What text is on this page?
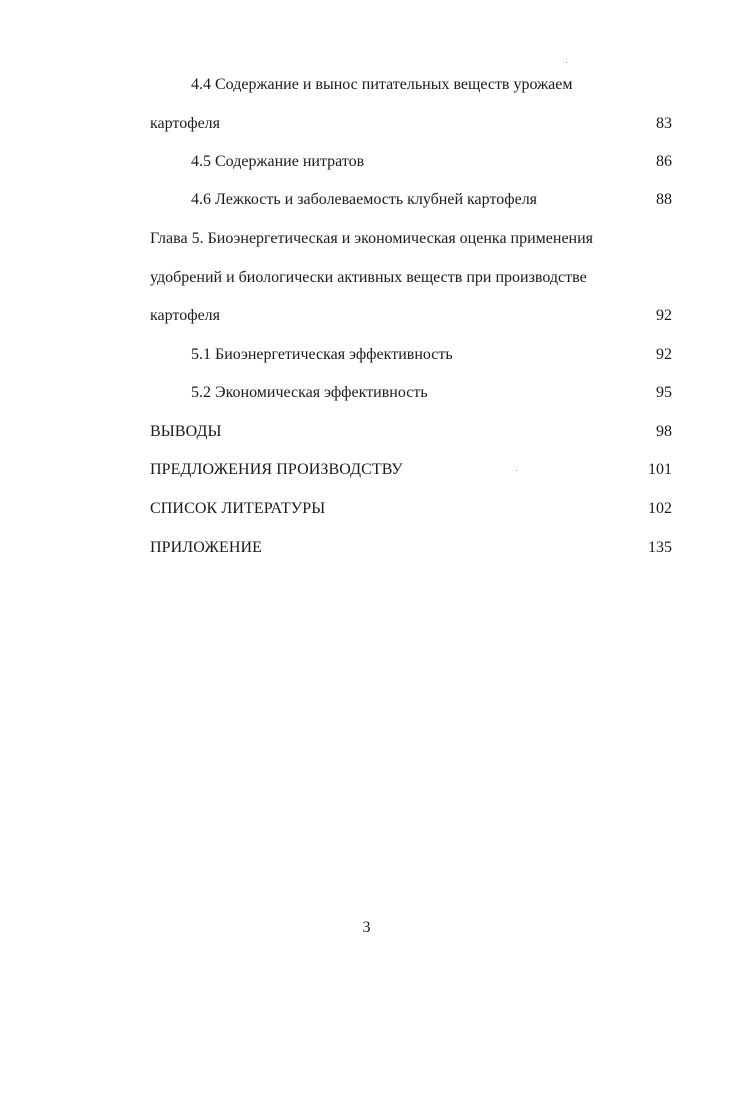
4.4 Содержание и вынос питательных веществ урожаем
картофеля	83
4.5 Содержание нитратов	86
4.6 Лежкость и заболеваемость клубней картофеля	88
Глава 5. Биоэнергетическая и экономическая оценка применения
удобрений и биологически активных веществ при производстве
картофеля	92
5.1 Биоэнергетическая эффективность	92
5.2 Экономическая эффективность	95
ВЫВОДЫ	98
ПРЕДЛОЖЕНИЯ ПРОИЗВОДСТВУ	101
СПИСОК ЛИТЕРАТУРЫ	102
ПРИЛОЖЕНИЕ	135
3
